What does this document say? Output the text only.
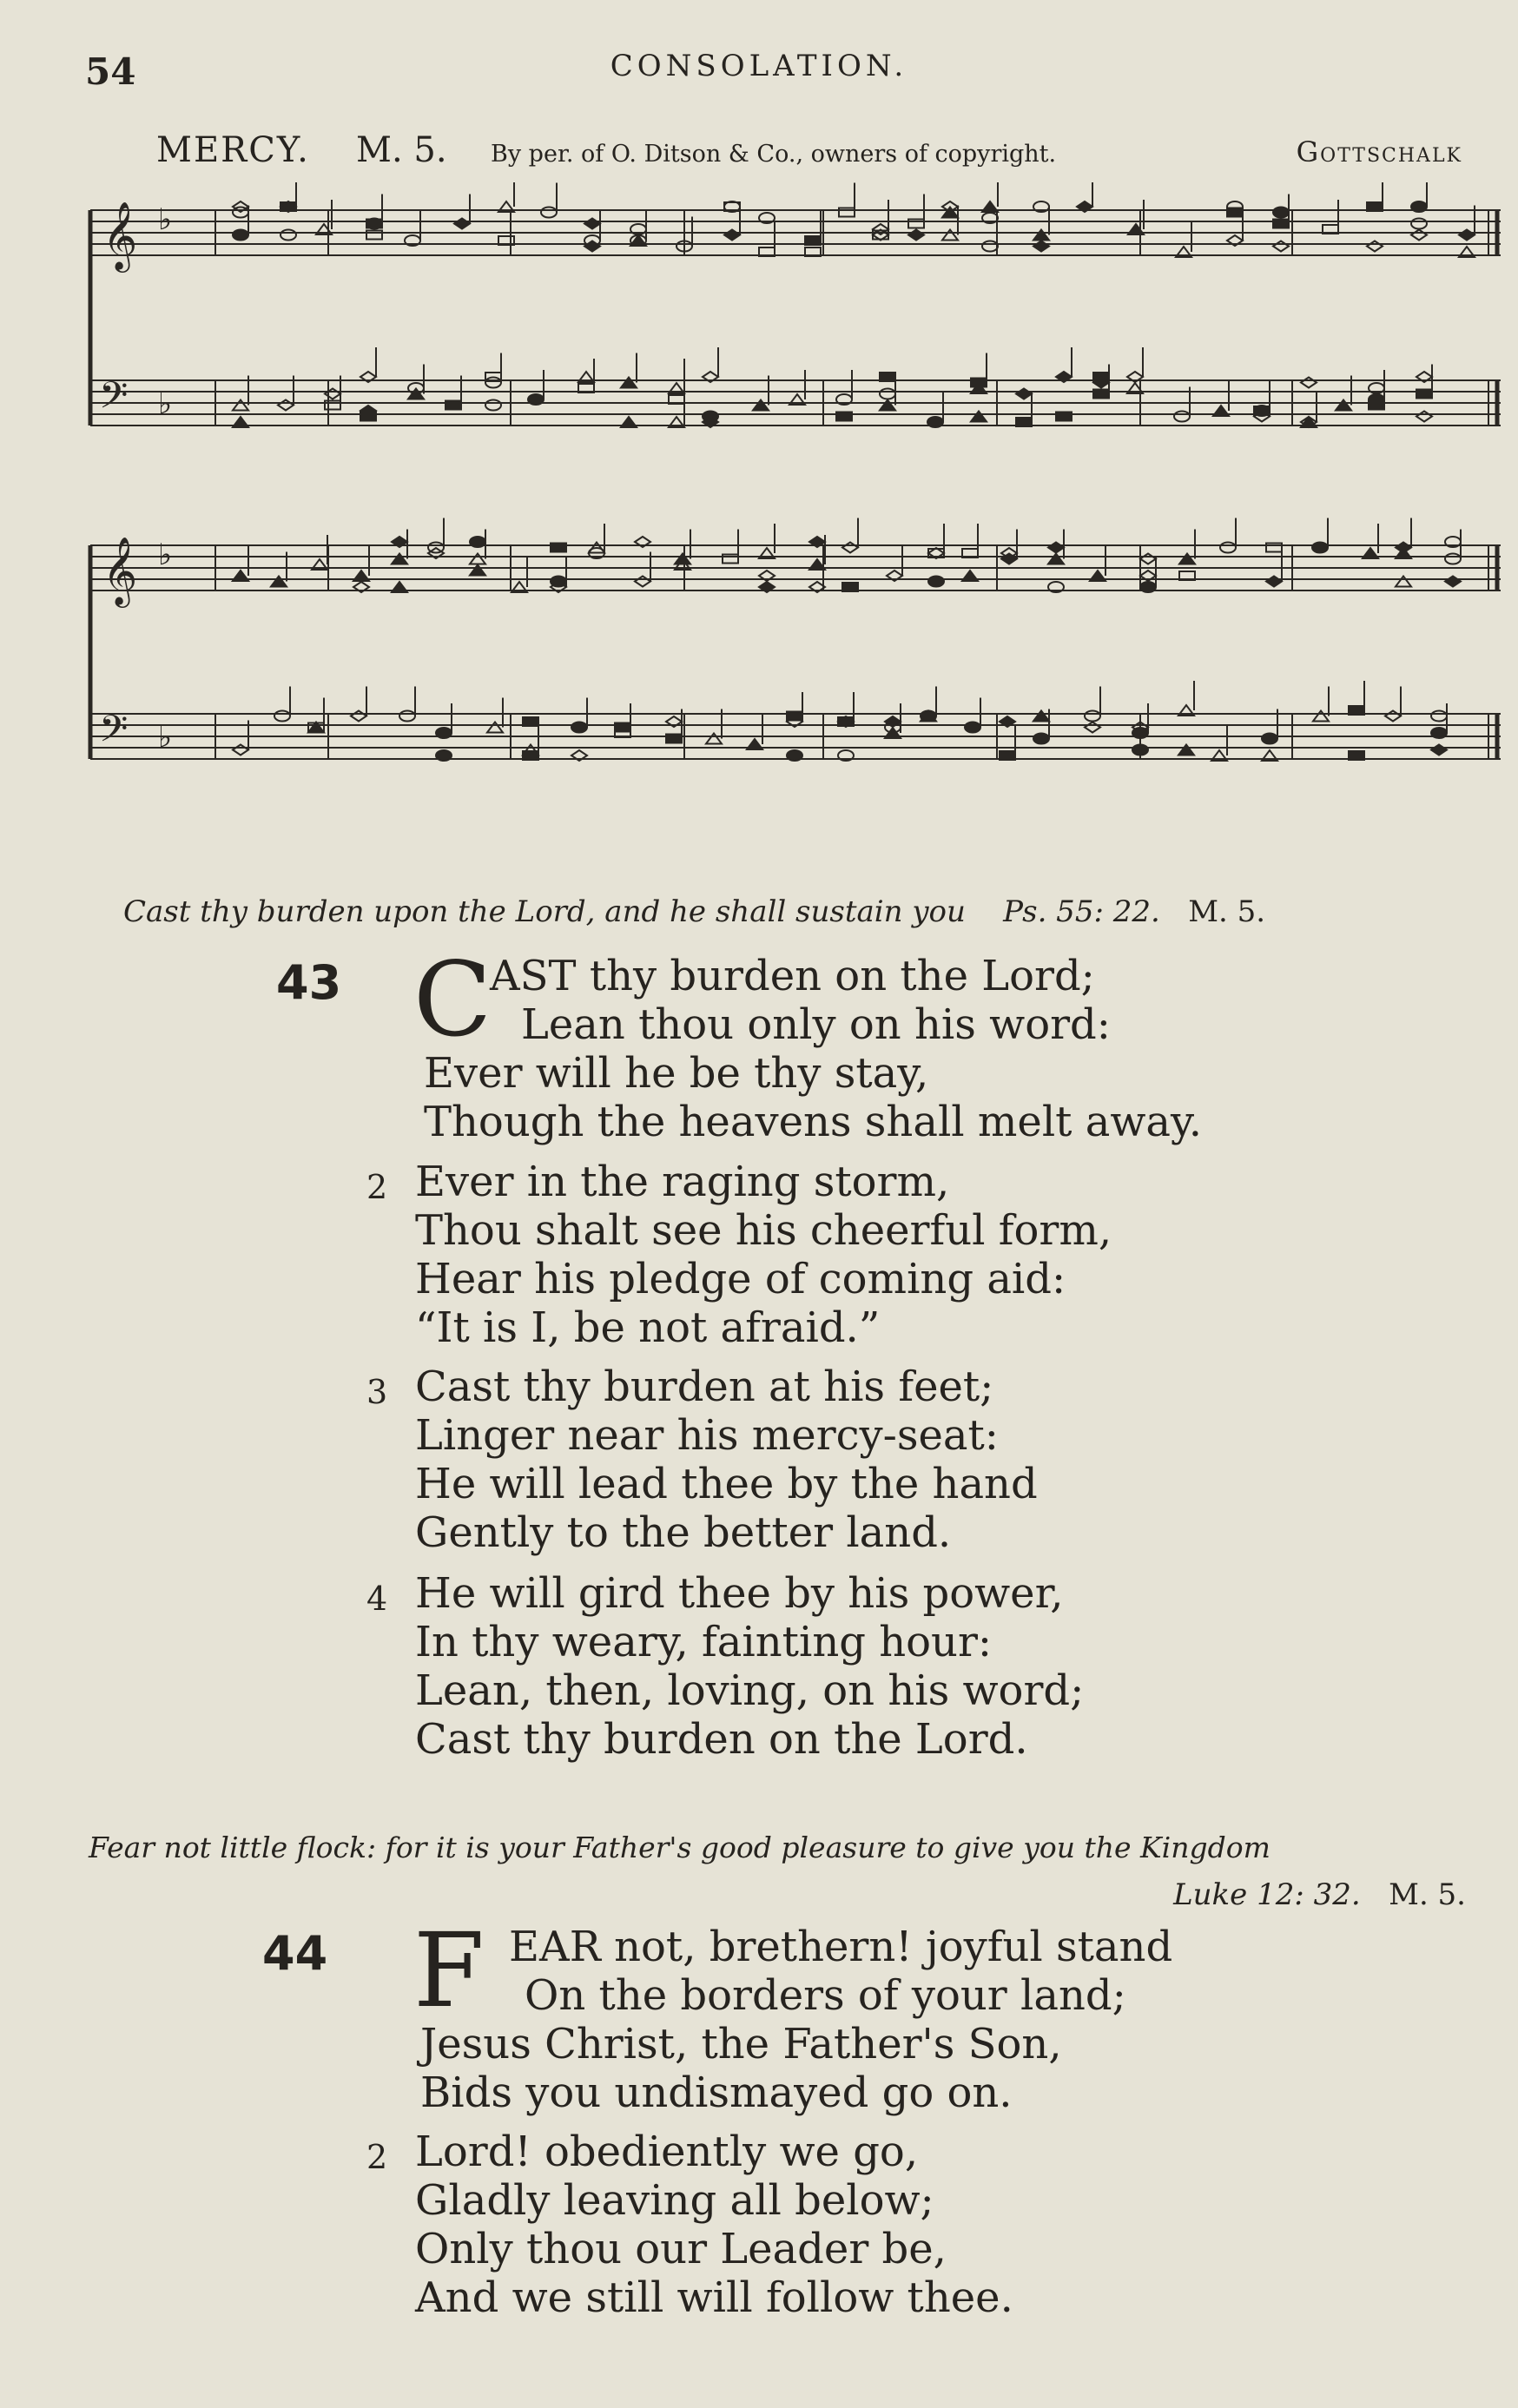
54	CONSOLATION.
MERCY. M. 5. By per. of O. Ditson & Co., owners of copyright.	Gottschalk
𝄞 ♭
𝄢 ♭
𝄞 ♭
𝄢 ♭
Cast thy burden upon the Lord, and he shall sustain you Ps. 55: 22. M. 5.
43 C
AST thy burden on the Lord;
Lean thou only on his word:
Ever will he be thy stay,
Though the heavens shall melt away.
2 Ever in the raging storm,
Thou shalt see his cheerful form,
Hear his pledge of coming aid:
“It is I, be not afraid.”
3 Cast thy burden at his feet;
Linger near his mercy-seat:
He will lead thee by the hand
Gently to the better land.
4 He will gird thee by his power,
In thy weary, fainting hour:
Lean, then, loving, on his word;
Cast thy burden on the Lord.
Fear not little flock: for it is your Father's good pleasure to give you the Kingdom
Luke 12: 32. M. 5.
44 F EAR not, brethern! joyful stand
On the borders of your land;
Jesus Christ, the Father's Son,
Bids you undismayed go on.
2 Lord! obediently we go,
Gladly leaving all below;
Only thou our Leader be,
And we still will follow thee.
